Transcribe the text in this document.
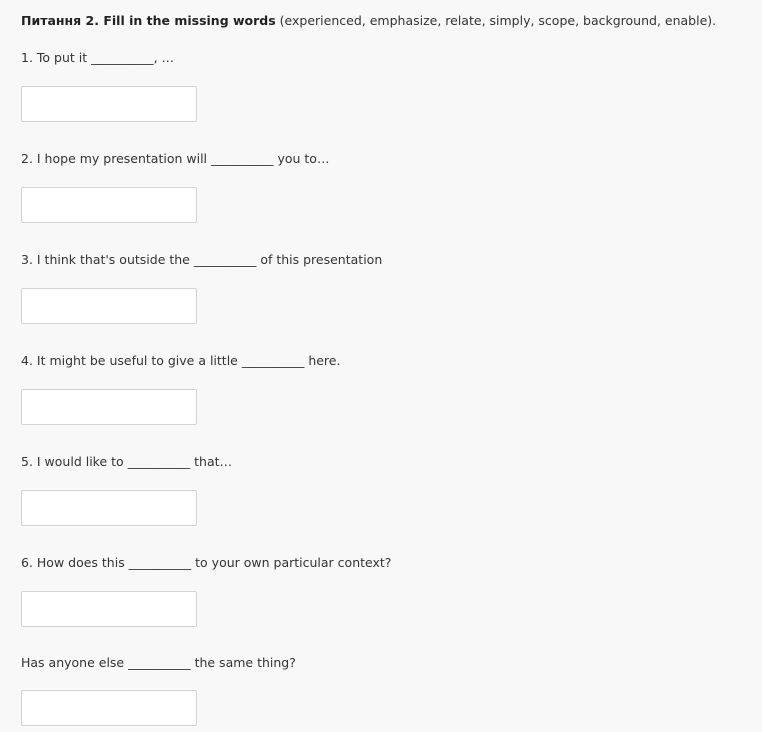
Питання 2. Fill in the missing words (experienced, emphasize, relate, simply, scope, background, enable).
1. To put it __________, …
2. I hope my presentation will __________ you to…
3. I think that's outside the __________ of this presentation
4. It might be useful to give a little __________ here.
5. I would like to __________ that…
6. How does this __________ to your own particular context?
Has anyone else __________ the same thing?
